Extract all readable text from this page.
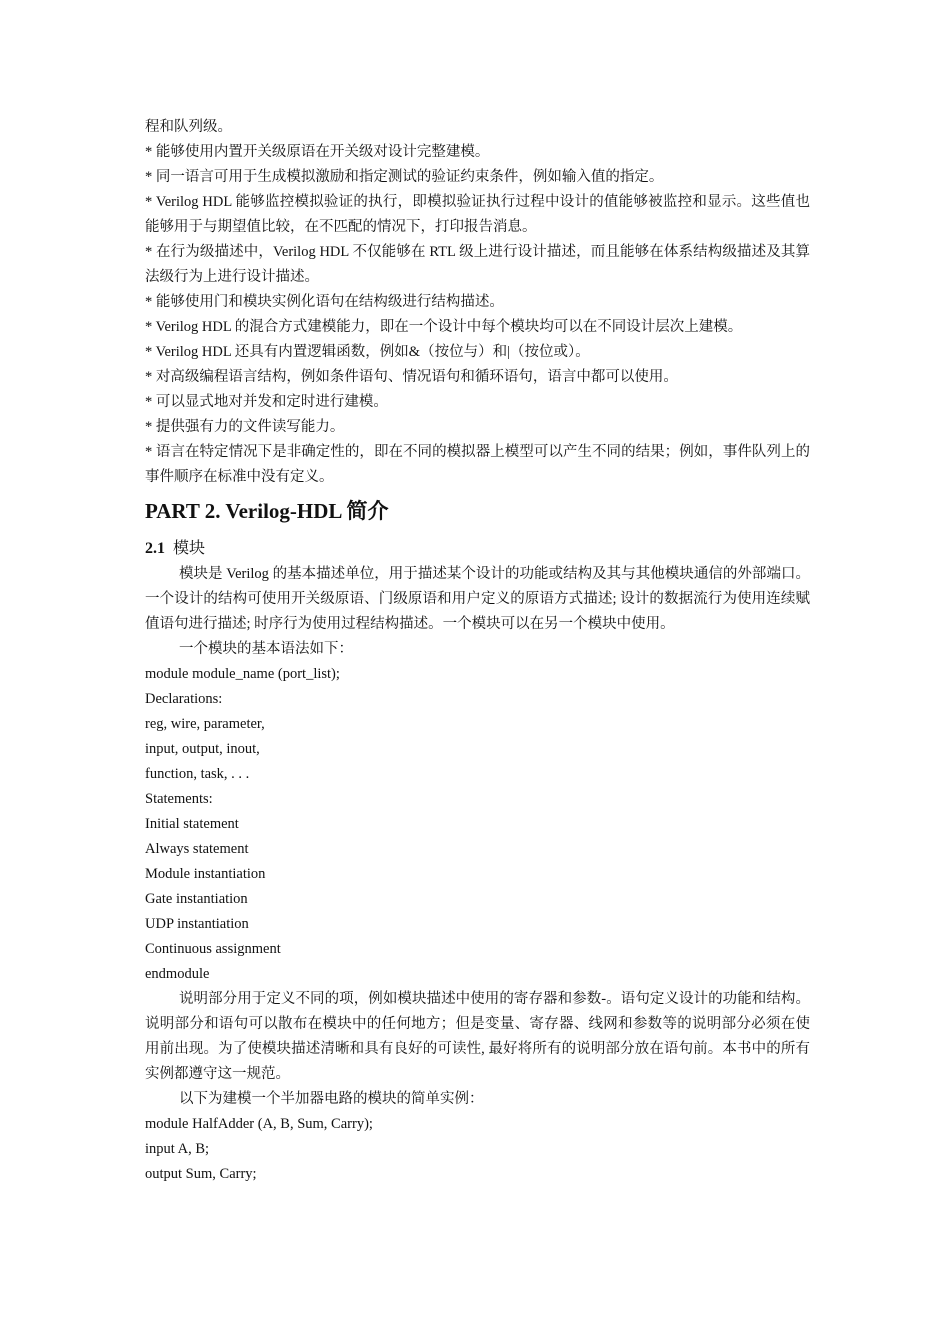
程和队列级。
* 能够使用内置开关级原语在开关级对设计完整建模。
* 同一语言可用于生成模拟激励和指定测试的验证约束条件，例如输入值的指定。
* Verilog HDL 能够监控模拟验证的执行，即模拟验证执行过程中设计的值能够被监控和显示。这些值也能够用于与期望值比较，在不匹配的情况下，打印报告消息。
* 在行为级描述中，Verilog HDL 不仅能够在 RTL 级上进行设计描述，而且能够在体系结构级描述及其算法级行为上进行设计描述。
* 能够使用门和模块实例化语句在结构级进行结构描述。
* Verilog HDL 的混合方式建模能力，即在一个设计中每个模块均可以在不同设计层次上建模。
* Verilog HDL 还具有内置逻辑函数，例如&（按位与）和|（按位或）。
* 对高级编程语言结构，例如条件语句、情况语句和循环语句，语言中都可以使用。
* 可以显式地对并发和定时进行建模。
* 提供强有力的文件读写能力。
* 语言在特定情况下是非确定性的，即在不同的模拟器上模型可以产生不同的结果；例如，事件队列上的事件顺序在标准中没有定义。
PART 2. Verilog-HDL 简介
2.1 模块
模块是 Verilog 的基本描述单位，用于描述某个设计的功能或结构及其与其他模块通信的外部端口。一个设计的结构可使用开关级原语、门级原语和用户定义的原语方式描述; 设计的数据流行为使用连续赋值语句进行描述; 时序行为使用过程结构描述。一个模块可以在另一个模块中使用。
一个模块的基本语法如下：
module module_name (port_list);
Declarations:
reg, wire, parameter,
input, output, inout,
function, task, . . .
Statements:
Initial statement
Always statement
Module instantiation
Gate instantiation
UDP instantiation
Continuous assignment
endmodule
说明部分用于定义不同的项，例如模块描述中使用的寄存器和参数-。语句定义设计的功能和结构。说明部分和语句可以散布在模块中的任何地方；但是变量、寄存器、线网和参数等的说明部分必须在使用前出现。为了使模块描述清晰和具有良好的可读性, 最好将所有的说明部分放在语句前。本书中的所有实例都遵守这一规范。
以下为建模一个半加器电路的模块的简单实例：
module HalfAdder (A, B, Sum, Carry);
input A, B;
output Sum, Carry;
